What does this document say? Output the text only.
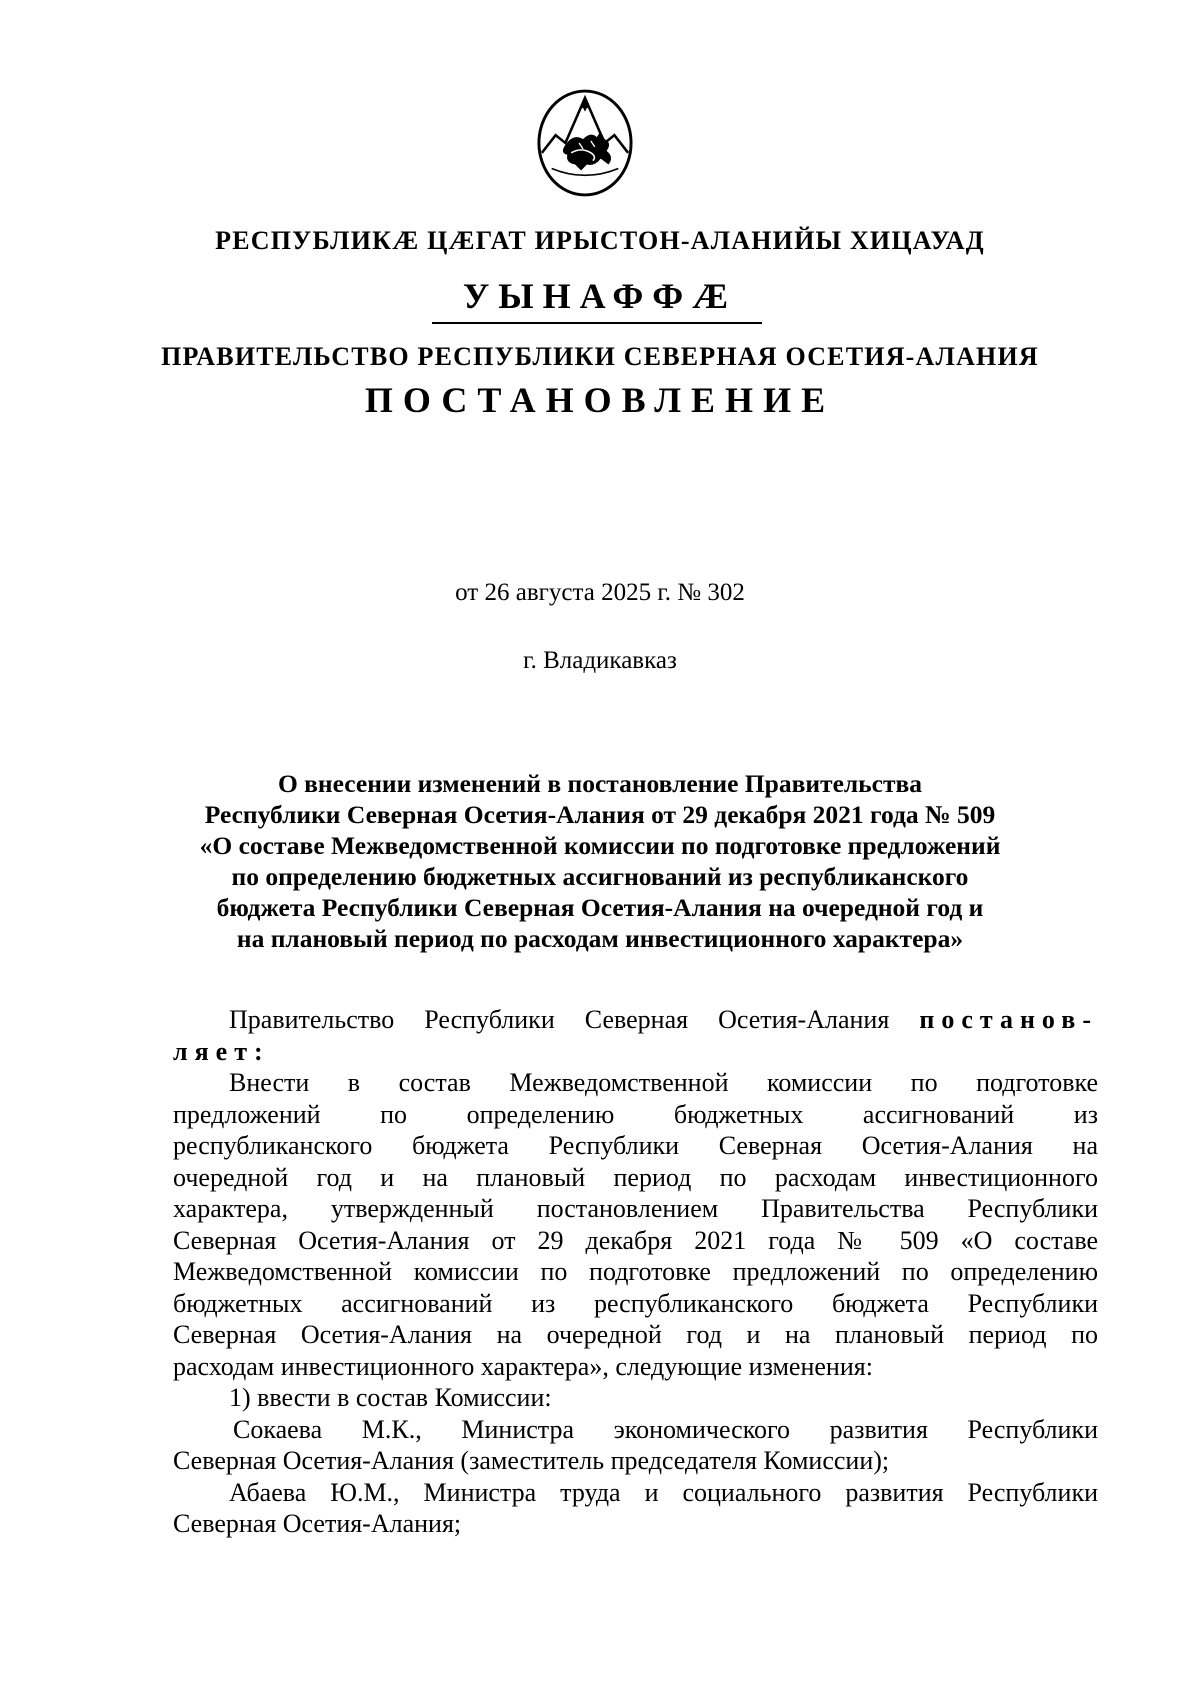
РЕСПУБЛИКӔ ЦӔГАТ ИРЫСТОН-АЛАНИЙЫ ХИЦАУАД
УЫНАФФӔ
ПРАВИТЕЛЬСТВО РЕСПУБЛИКИ СЕВЕРНАЯ ОСЕТИЯ-АЛАНИЯ
ПОСТАНОВЛЕНИЕ
от 26 августа 2025 г. № 302
г. Владикавказ
О внесении изменений в постановление Правительства
Республики Северная Осетия-Алания от 29 декабря 2021 года № 509
«О составе Межведомственной комиссии по подготовке предложений
по определению бюджетных ассигнований из республиканского
бюджета Республики Северная Осетия-Алания на очередной год и
на плановый период по расходам инвестиционного характера»
Правительство Республики Северная Осетия-Алания постанов-
ляет:
Внести в состав Межведомственной комиссии по подготовке
предложений по определению бюджетных ассигнований из
республиканского бюджета Республики Северная Осетия-Алания на
очередной год и на плановый период по расходам инвестиционного
характера, утвержденный постановлением Правительства Республики
Северная Осетия-Алания от 29 декабря 2021 года № 509 «О составе
Межведомственной комиссии по подготовке предложений по определению
бюджетных ассигнований из республиканского бюджета Республики
Северная Осетия-Алания на очередной год и на плановый период по
расходам инвестиционного характера», следующие изменения:
1) ввести в состав Комиссии:
Сокаева М.К., Министра экономического развития Республики
Северная Осетия-Алания (заместитель председателя Комиссии);
Абаева Ю.М., Министра труда и социального развития Республики
Северная Осетия-Алания;
